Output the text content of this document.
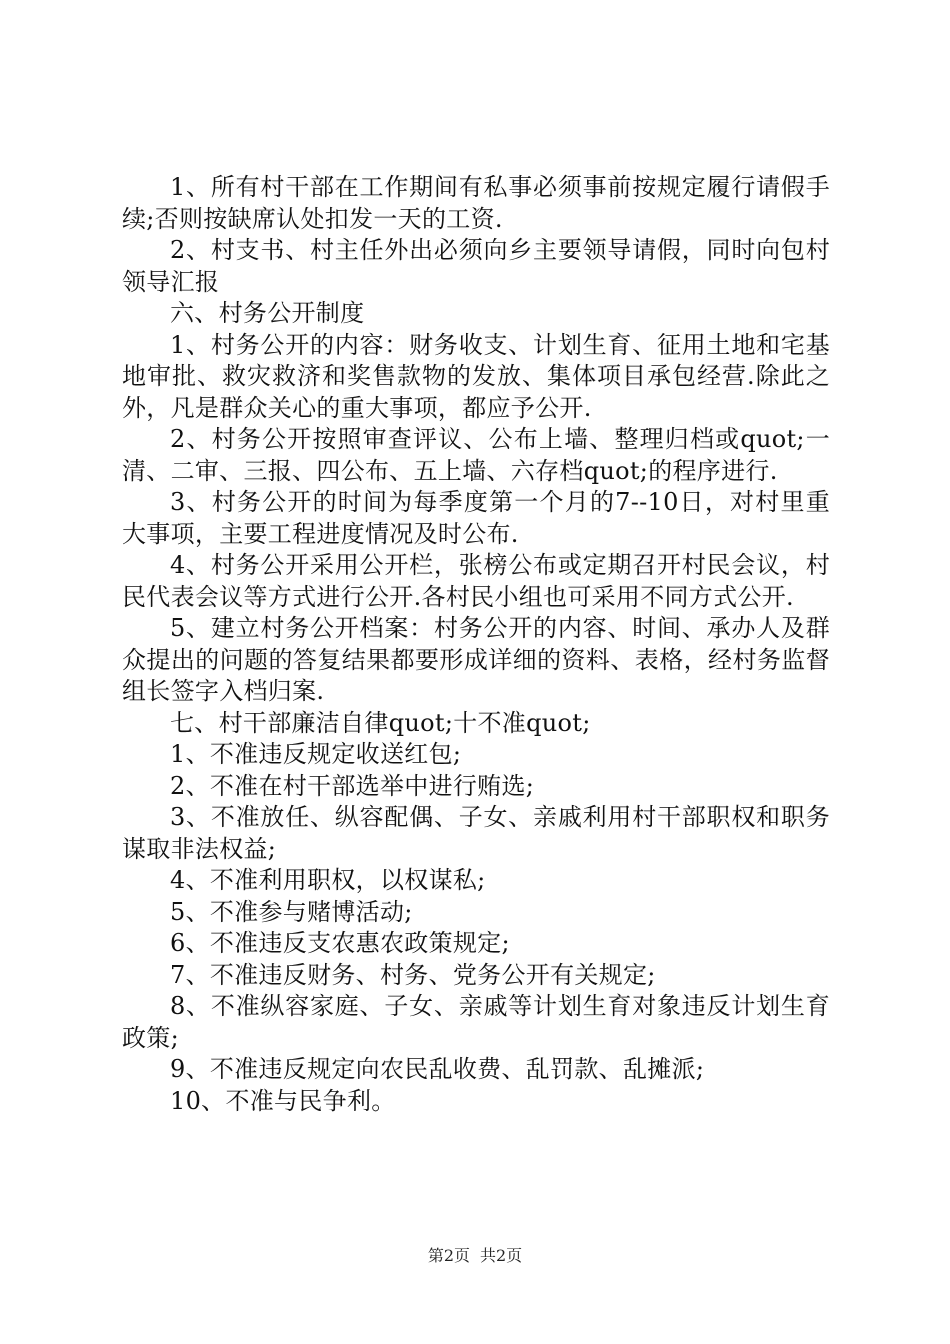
1、所有村干部在工作期间有私事必须事前按规定履行请假手续;否则按缺席认处扣发一天的工资.

2、村支书、村主任外出必须向乡主要领导请假，同时向包村领导汇报

六、村务公开制度

1、村务公开的内容：财务收支、计划生育、征用土地和宅基地审批、救灾救济和奖售款物的发放、集体项目承包经营.除此之外，凡是群众关心的重大事项，都应予公开.

2、村务公开按照审查评议、公布上墙、整理归档或quot;一清、二审、三报、四公布、五上墙、六存档quot;的程序进行.

3、村务公开的时间为每季度第一个月的7--10日，对村里重大事项，主要工程进度情况及时公布.

4、村务公开采用公开栏，张榜公布或定期召开村民会议，村民代表会议等方式进行公开.各村民小组也可采用不同方式公开.

5、建立村务公开档案：村务公开的内容、时间、承办人及群众提出的问题的答复结果都要形成详细的资料、表格，经村务监督组长签字入档归案.

七、村干部廉洁自律quot;十不准quot;

1、不准违反规定收送红包;

2、不准在村干部选举中进行贿选;

3、不准放任、纵容配偶、子女、亲戚利用村干部职权和职务谋取非法权益;

4、不准利用职权，以权谋私;

5、不准参与赌博活动;

6、不准违反支农惠农政策规定;

7、不准违反财务、村务、党务公开有关规定;

8、不准纵容家庭、子女、亲戚等计划生育对象违反计划生育政策;

9、不准违反规定向农民乱收费、乱罚款、乱摊派;

10、不准与民争利。

第2页 共2页
